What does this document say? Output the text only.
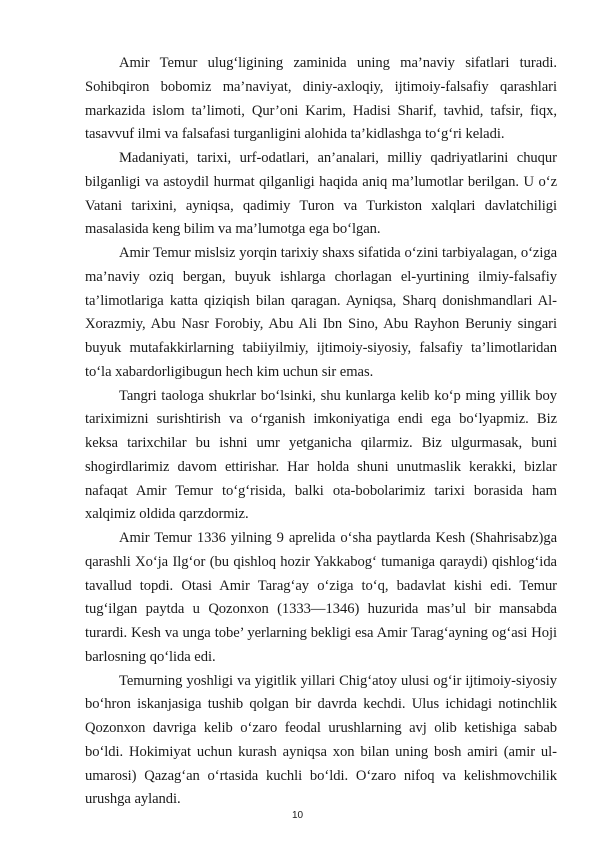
Amir Temur ulug‘ligining zaminida uning ma’naviy sifatlari turadi. Sohibqiron bobomiz ma’naviyat, diniy-axloqiy, ijtimoiy-falsafiy qarashlari markazida islom ta’limoti, Qur’oni Karim, Hadisi Sharif, tavhid, tafsir, fiqx, tasavvuf ilmi va falsafasi turganligini alohida ta’kidlashga to‘g‘ri keladi.

Madaniyati, tarixi, urf-odatlari, an’analari, milliy qadriyatlarini chuqur bilganligi va astoydil hurmat qilganligi haqida aniq ma’lumotlar berilgan. U o‘z Vatani tarixini, ayniqsa, qadimiy Turon va Turkiston xalqlari davlatchiligi masalasida keng bilim va ma’lumotga ega bo‘lgan.

Amir Temur mislsiz yorqin tarixiy shaxs sifatida o‘zini tarbiyalagan, o‘ziga ma’naviy oziq bergan, buyuk ishlarga chorlagan el-yurtining ilmiy-falsafiy ta’limotlariga katta qiziqish bilan qaragan. Ayniqsa, Sharq donishmandlari Al-Xorazmiy, Abu Nasr Forobiy, Abu Ali Ibn Sino, Abu Rayhon Beruniy singari buyuk mutafakkirlarning tabiiyilmiy, ijtimoiy-siyosiy, falsafiy ta’limotlaridan to‘la xabardorligibugun hech kim uchun sir emas.

Tangri taologa shukrlar bo‘lsinki, shu kunlarga kelib ko‘p ming yillik boy tariximizni surishtirish va o‘rganish imkoniyatiga endi ega bo‘lyapmiz. Biz keksa tarixchilar bu ishni umr yetganicha qilarmiz. Biz ulgurmasak, buni shogirdlarimiz davom ettirishar. Har holda shuni unutmaslik kerakki, bizlar nafaqat Amir Temur to‘g‘risida, balki ota-bobolarimiz tarixi borasida ham xalqimiz oldida qarzdormiz.

Amir Temur 1336 yilning 9 aprelida o‘sha paytlarda Kesh (Shahrisabz)ga qarashli Xo‘ja Ilg‘or (bu qishloq hozir Yakkabog‘ tumaniga qaraydi) qishlog‘ida tavallud topdi. Otasi Amir Tarag‘ay o‘ziga to‘q, badavlat kishi edi. Temur tug‘ilgan paytda u Qozonxon (1333—1346) huzurida mas’ul bir mansabda turardi. Kesh va unga tobe’ yerlarning bekligi esa Amir Tarag‘ayning og‘asi Hoji barlosning qo‘lida edi.

Temurning yoshligi va yigitlik yillari Chig‘atoy ulusi og‘ir ijtimoiy-siyosiy bo‘hron iskanjasiga tushib qolgan bir davrda kechdi. Ulus ichidagi notinchlik Qozonxon davriga kelib o‘zaro feodal urushlarning avj olib ketishiga sabab bo‘ldi. Hokimiyat uchun kurash ayniqsa xon bilan uning bosh amiri (amir ul-umarosi) Qazag‘an o‘rtasida kuchli bo‘ldi. O‘zaro nifoq va kelishmovchilik urushga aylandi.

10
